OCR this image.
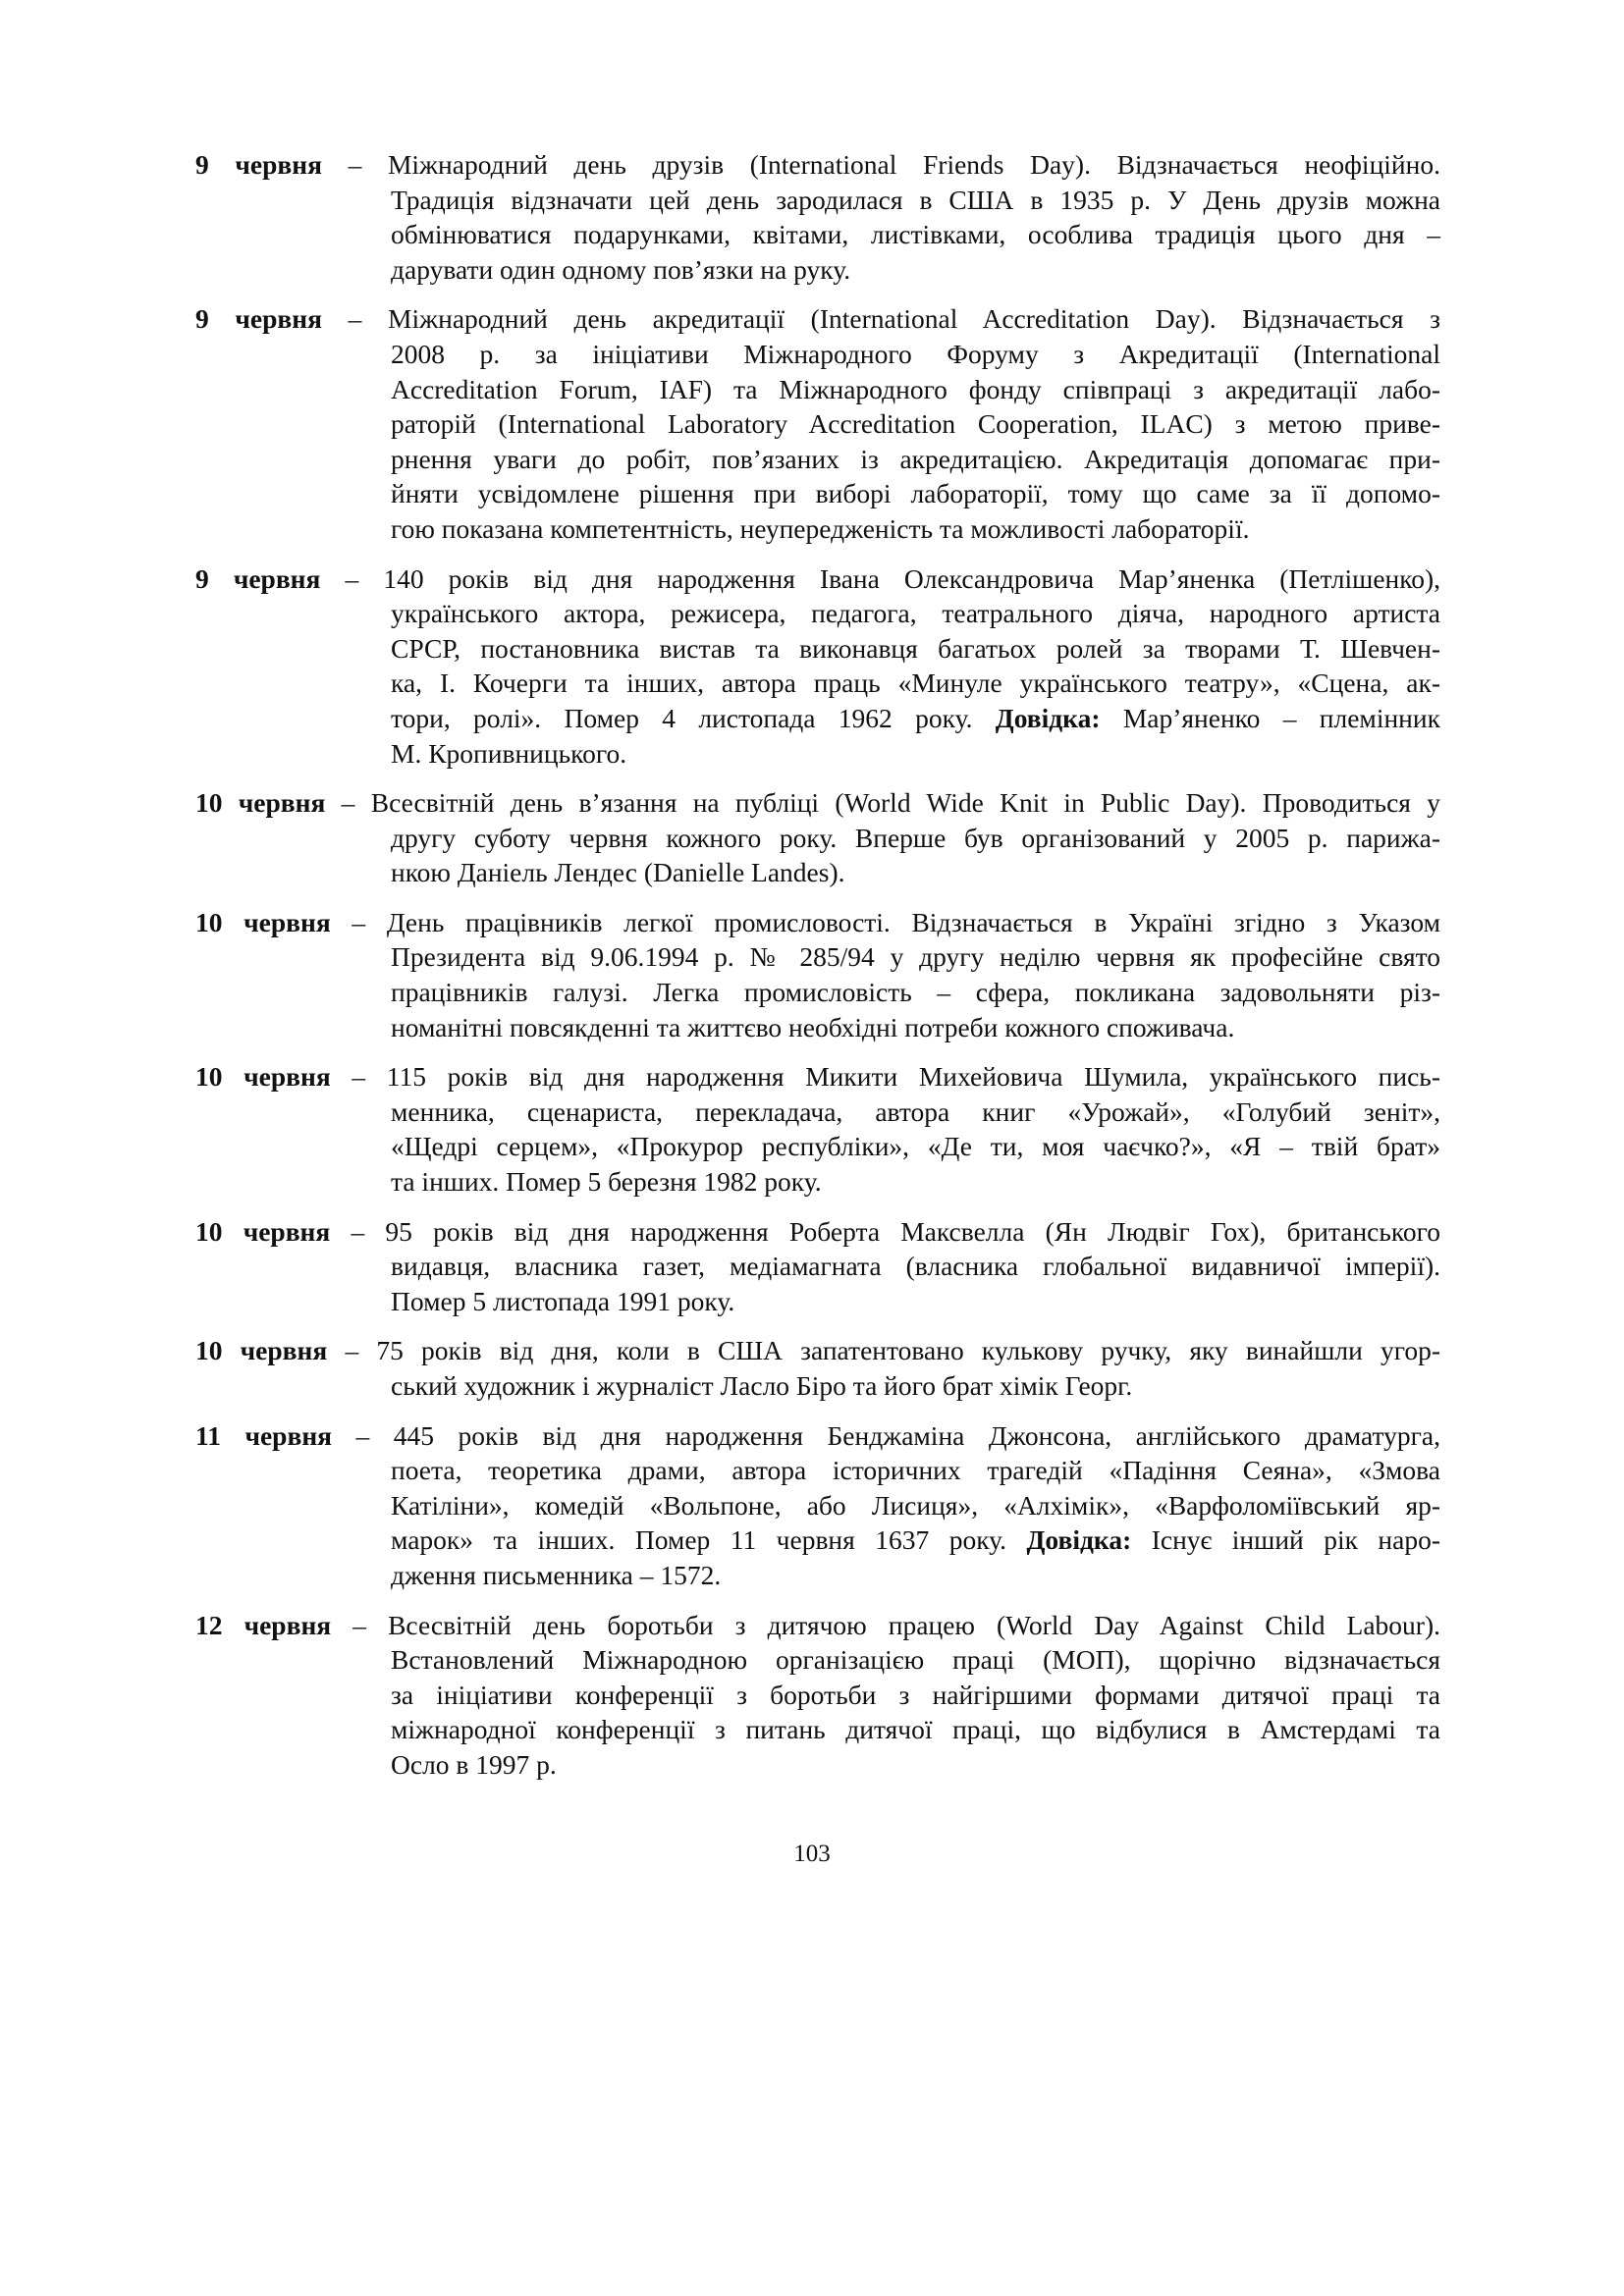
9 червня – Міжнародний день друзів (International Friends Day). Відзначається неофіційно.
Традиція відзначати цей день зародилася в США в 1935 р. У День друзів можна
обмінюватися подарунками, квітами, листівками, особлива традиція цього дня –
дарувати один одному пов’язки на руку.
9 червня – Міжнародний день акредитації (International Accreditation Day). Відзначається з
2008 р. за ініціативи Міжнародного Форуму з Акредитації (International
Accreditation Forum, IAF) та Міжнародного фонду співпраці з акредитації лабо-
раторій (International Laboratory Accreditation Cooperation, ILAC) з метою приве-
рнення уваги до робіт, пов’язаних із акредитацією. Акредитація допомагає при-
йняти усвідомлене рішення при виборі лабораторії, тому що саме за її допомо-
гою показана компетентність, неупередженість та можливості лабораторії.
9 червня – 140 років від дня народження Івана Олександровича Мар’яненка (Петлішенко),
українського актора, режисера, педагога, театрального діяча, народного артиста
СРСР, постановника вистав та виконавця багатьох ролей за творами Т. Шевчен-
ка, І. Кочерги та інших, автора праць «Минуле українського театру», «Сцена, ак-
тори, ролі». Помер 4 листопада 1962 року. Довідка: Мар’яненко – племінник
М. Кропивницького.
10 червня – Всесвітній день в’язання на публіці (World Wide Knit in Public Day). Проводиться у
другу суботу червня кожного року. Вперше був організований у 2005 р. парижа-
нкою Даніель Лендес (Danielle Landes).
10 червня – День працівників легкої промисловості. Відзначається в Україні згідно з Указом
Президента від 9.06.1994 р. № 285/94 у другу неділю червня як професійне свято
працівників галузі. Легка промисловість – сфера, покликана задовольняти різ-
номанітні повсякденні та життєво необхідні потреби кожного споживача.
10 червня – 115 років від дня народження Микити Михейовича Шумила, українського пись-
менника, сценариста, перекладача, автора книг «Урожай», «Голубий зеніт»,
«Щедрі серцем», «Прокурор республіки», «Де ти, моя чаєчко?», «Я – твій брат»
та інших. Помер 5 березня 1982 року.
10 червня – 95 років від дня народження Роберта Максвелла (Ян Людвіг Гох), британського
видавця, власника газет, медіамагната (власника глобальної видавничої імперії).
Помер 5 листопада 1991 року.
10 червня – 75 років від дня, коли в США запатентовано кулькову ручку, яку винайшли угор-
ський художник і журналіст Ласло Біро та його брат хімік Георг.
11 червня – 445 років від дня народження Бенджаміна Джонсона, англійського драматурга,
поета, теоретика драми, автора історичних трагедій «Падіння Сеяна», «Змова
Катіліни», комедій «Вольпоне, або Лисиця», «Алхімік», «Варфоломіївський яр-
марок» та інших. Помер 11 червня 1637 року. Довідка: Існує інший рік наро-
дження письменника – 1572.
12 червня – Всесвітній день боротьби з дитячою працею (World Day Against Child Labour).
Встановлений Міжнародною організацією праці (МОП), щорічно відзначається
за ініціативи конференції з боротьби з найгіршими формами дитячої праці та
міжнародної конференції з питань дитячої праці, що відбулися в Амстердамі та
Осло в 1997 р.
103
